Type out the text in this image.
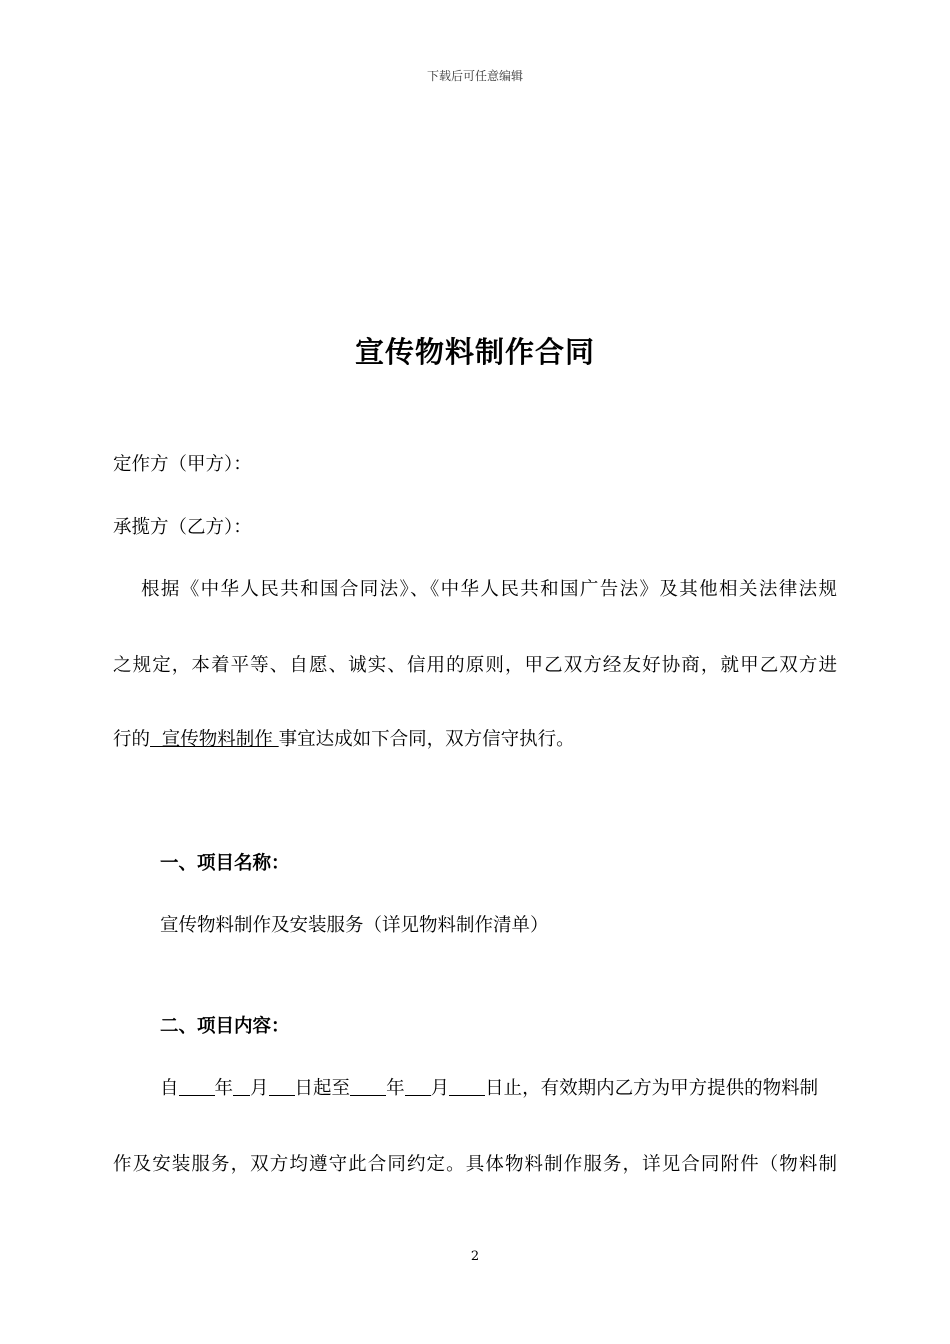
下载后可任意编辑
宣传物料制作合同
定作方（甲方）：
承揽方（乙方）：
根据《中华人民共和国合同法》、《中华人民共和国广告法》及其他相关法律法规
之规定，本着平等、自愿、诚实、信用的原则，甲乙双方经友好协商，就甲乙双方进
行的  宣传物料制作 事宜达成如下合同，双方信守执行。
一、项目名称：
宣传物料制作及安装服务（详见物料制作清单）
二、项目内容：
自 年 月 日起至 年 月 日止，有效期内乙方为甲方提供的物料制
作及安装服务，双方均遵守此合同约定。具体物料制作服务，详见合同附件（物料制
2
